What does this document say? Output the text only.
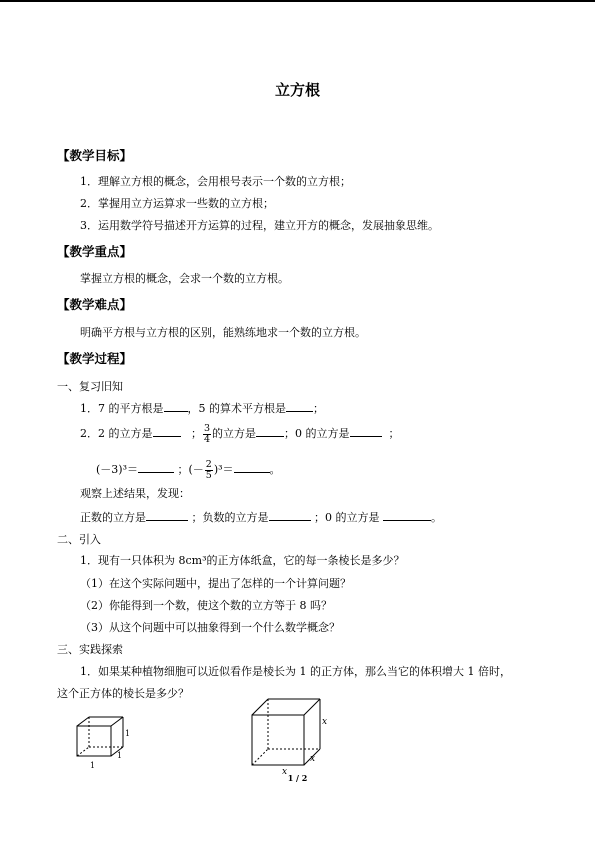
立方根
【教学目标】
1．理解立方根的概念，会用根号表示一个数的立方根；
2．掌握用立方运算求一些数的立方根；
3．运用数学符号描述开方运算的过程，建立开方的概念，发展抽象思维。
【教学重点】
掌握立方根的概念，会求一个数的立方根。
【教学难点】
明确平方根与立方根的区别，能熟练地求一个数的立方根。
【教学过程】
一、复习旧知
1．7 的平方根是 ，5 的算术平方根是 ；
2．2 的立方是	； $\frac{3}{4}$ 的立方是	；0 的立方是	；
(－3)³＝	；(－ $\frac{2}{5} )^3=$	。
观察上述结果，发现：
正数的立方是	；负数的立方是	；0 的立方是	。
二、引入
1．现有一只体积为 8cm³的正方体纸盒，它的每一条棱长是多少？
（1）在这个实际问题中，提出了怎样的一个计算问题？
（2）你能得到一个数，使这个数的立方等于 8 吗？
（3）从这个问题中可以抽象得到一个什么数学概念？
三、实践探索
1．如果某种植物细胞可以近似看作是棱长为 1 的正方体，那么当它的体积增大 1 倍时，
这个正方体的棱长是多少？
1
1
1
x
x
x
1 / 2
